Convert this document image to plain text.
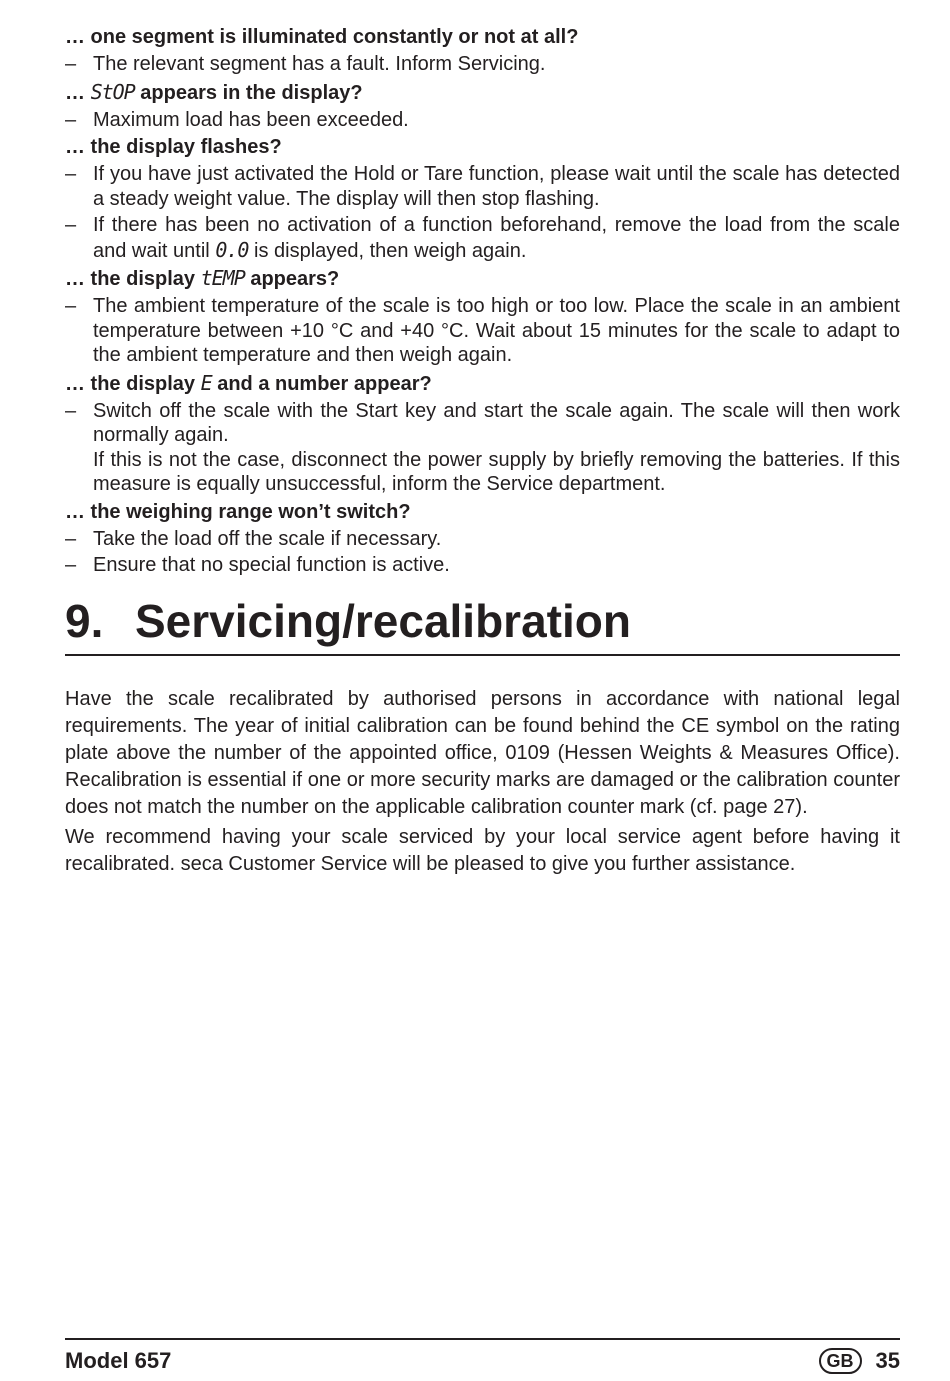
… one segment is illuminated constantly or not at all?

– The relevant segment has a fault. Inform Servicing.

… StOP appears in the display?

– Maximum load has been exceeded.

… the display flashes?

– If you have just activated the Hold or Tare function, please wait until the scale has detected a steady weight value. The display will then stop flashing.
– If there has been no activation of a function beforehand, remove the load from the scale and wait until 0.0 is displayed, then weigh again.

… the display tEMP appears?

– The ambient temperature of the scale is too high or too low. Place the scale in an ambient temperature between +10 °C and +40 °C. Wait about 15 minutes for the scale to adapt to the ambient temperature and then weigh again.

… the display E and a number appear?

– Switch off the scale with the Start key and start the scale again. The scale will then work normally again.
If this is not the case, disconnect the power supply by briefly removing the batteries. If this measure is equally unsuccessful, inform the Service department.

… the weighing range won’t switch?

– Take the load off the scale if necessary.
– Ensure that no special function is active.
9. Servicing/recalibration

Have the scale recalibrated by authorised persons in accordance with national legal requirements. The year of initial calibration can be found behind the CE symbol on the rating plate above the number of the appointed office, 0109 (Hessen Weights & Measures Office). Recalibration is essential if one or more security marks are damaged or the calibration counter does not match the number on the applicable calibration counter mark (cf. page 27).

We recommend having your scale serviced by your local service agent before having it recalibrated. seca Customer Service will be pleased to give you further assistance.

Model 657	GB	35
